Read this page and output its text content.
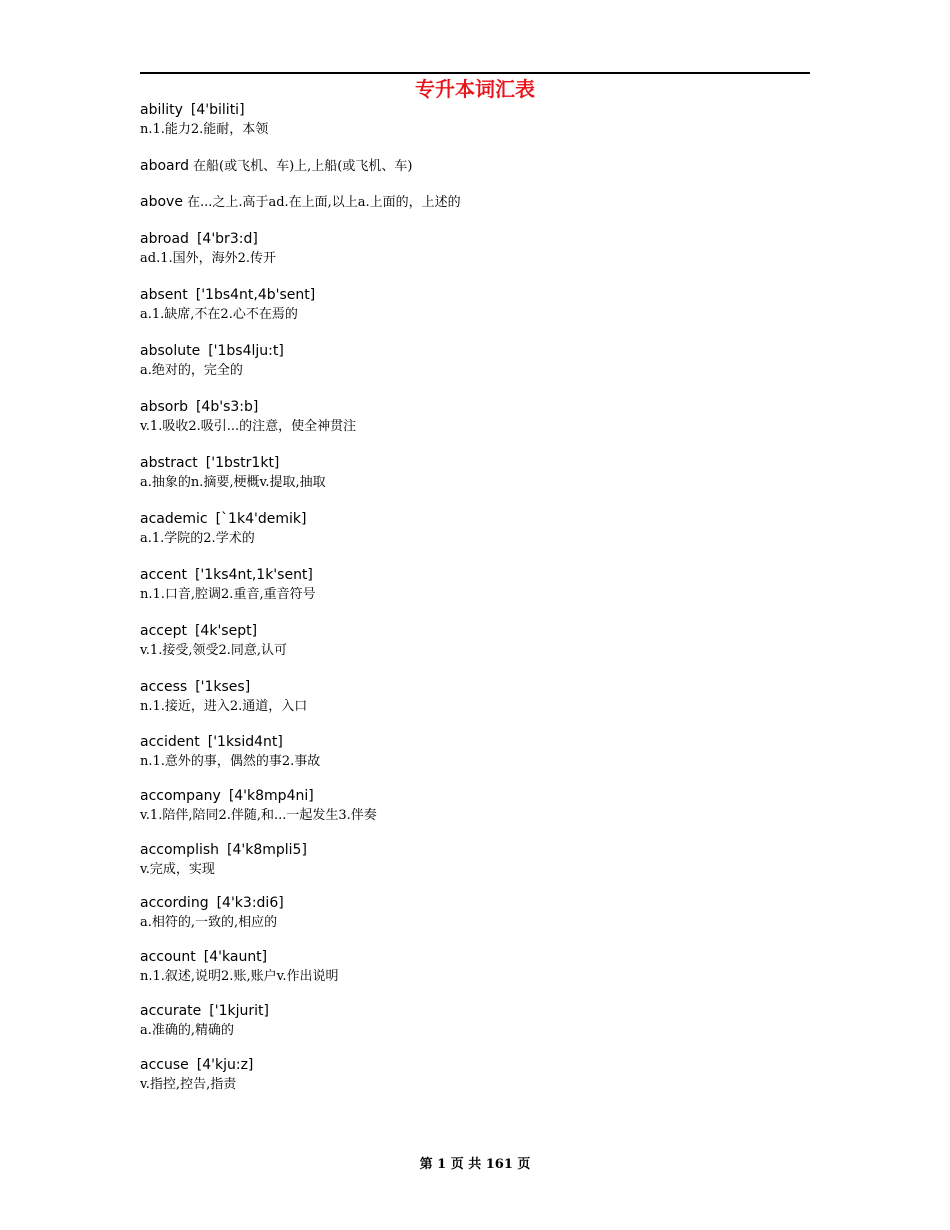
专升本词汇表
ability [4'biliti]
n.1.能力2.能耐，本领
aboard 在船(或飞机、车)上,上船(或飞机、车)
above 在...之上.高于ad.在上面,以上a.上面的，上述的
abroad [4'br3:d]
ad.1.国外，海外2.传开
absent ['1bs4nt,4b'sent]
a.1.缺席,不在2.心不在焉的
absolute ['1bs4lju:t]
a.绝对的，完全的
absorb [4b's3:b]
v.1.吸收2.吸引...的注意，使全神贯注
abstract ['1bstr1kt]
a.抽象的n.摘要,梗概v.提取,抽取
academic [`1k4'demik]
a.1.学院的2.学术的
accent ['1ks4nt,1k'sent]
n.1.口音,腔调2.重音,重音符号
accept [4k'sept]
v.1.接受,领受2.同意,认可
access ['1kses]
n.1.接近，进入2.通道，入口
accident ['1ksid4nt]
n.1.意外的事，偶然的事2.事故
accompany [4'k8mp4ni]
v.1.陪伴,陪同2.伴随,和...一起发生3.伴奏
accomplish [4'k8mpli5]
v.完成，实现
according [4'k3:di6]
a.相符的,一致的,相应的
account [4'kaunt]
n.1.叙述,说明2.账,账户v.作出说明
accurate ['1kjurit]
a.准确的,精确的
accuse [4'kju:z]
v.指控,控告,指责
第 1 页 共 161 页
